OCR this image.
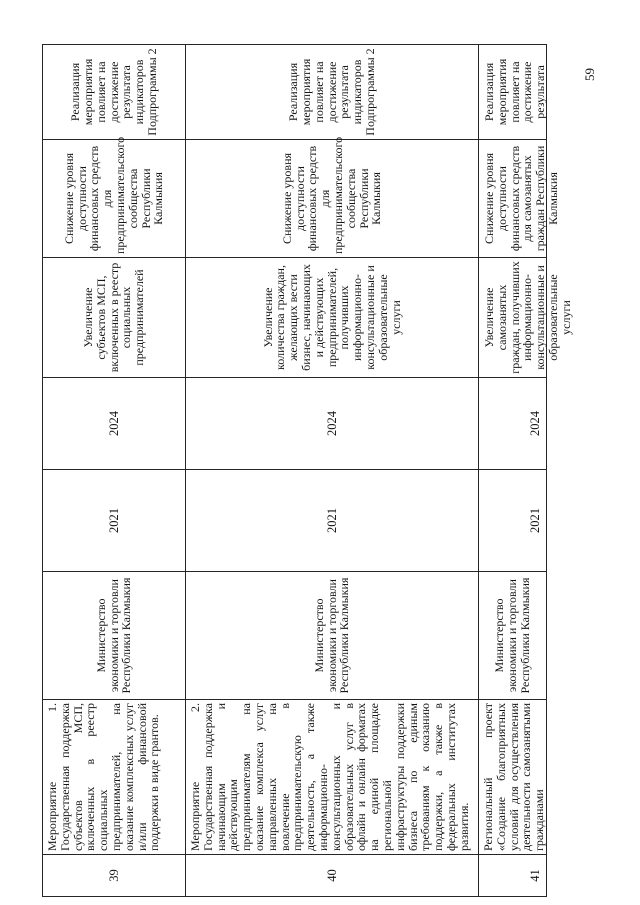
39
Мероприятие 1. Государственная поддержка субъектов МСП, включенных в реестр социальных предпринимателей, на оказание комплексных услуг и/или финансовой поддержки в виде грантов.
Министерство экономики и торговли Республики Калмыкия
2021
2024
Увеличение субъектов МСП, включенных в реестр социальных предпринимателей
Снижение уровня доступности финансовых средств для предпринимательского сообщества Республики Калмыкия
Реализация мероприятия повлияет на достижение результата индикаторов Подпрограммы 2
40
Мероприятие 2. Государственная поддержка начинающим и действующим предпринимателям на оказание комплекса услуг направленных на вовлечение в предпринимательскую деятельность, а также информационно-консультационных и образовательных услуг в офлайн и онлайн форматах на единой площадке региональной инфраструктуры поддержки бизнеса по единым требованиям к оказанию поддержки, а также в федеральных институтах развития.
Министерство экономики и торговли Республики Калмыкия
2021
2024
Увеличение количества граждан, желающих вести бизнес, начинающих и действующих предпринимателей, получивших информационно-консультационные и образовательные услуги
Снижение уровня доступности финансовых средств для предпринимательского сообщества Республики Калмыкия
Реализация мероприятия повлияет на достижение результата индикаторов Подпрограммы 2
41
Региональный проект «Создание благоприятных условий для осуществления деятельности самозанятыми гражданами
Министерство экономики и торговли Республики Калмыкия
2021
2024
Увеличение самозанятых граждан, получивших информационно-консультационные и образовательные услуги
Снижение уровня доступности финансовых средств для самозанятых граждан Республики Калмыкия
Реализация мероприятия повлияет на достижение результата	59
